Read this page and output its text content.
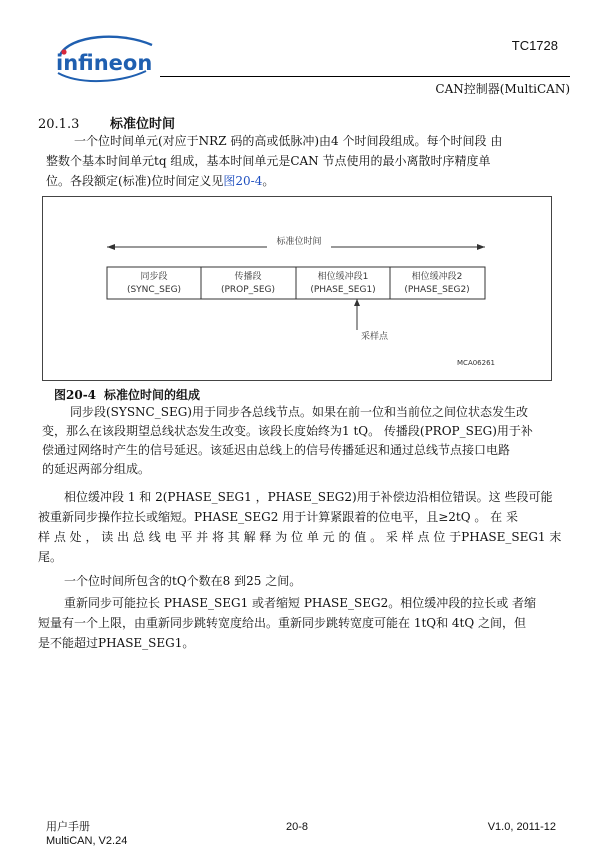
infineon
TC1728
CAN控制器(MultiCAN)
20.1.3 标准位时间
一个位时间单元(对应于NRZ 码的高或低脉冲)由4 个时间段组成。每个时间段 由
整数个基本时间单元tq 组成，基本时间单元是CAN 节点使用的最小离散时序精度单
位。各段额定(标准)位时间定义见图20-4。
标准位时间
同步段
(SYNC_SEG)
传播段
(PROP_SEG)
相位缓冲段1
(PHASE_SEG1)
相位缓冲段2
(PHASE_SEG2)
采样点
MCA06261
图20-4 标准位时间的组成
同步段(SYSNC_SEG)用于同步各总线节点。如果在前一位和当前位之间位状态发生改
变，那么在该段期望总线状态发生改变。该段长度始终为1 tQ。 传播段(PROP_SEG)用于补
偿通过网络时产生的信号延迟。该延迟由总线上的信号传播延迟和通过总线节点接口电路
的延迟两部分组成。
相位缓冲段 1 和 2(PHASE_SEG1 ，PHASE_SEG2)用于补偿边沿相位错误。这 些段可能
被重新同步操作拉长或缩短。PHASE_SEG2 用于计算紧跟着的位电平，且≥2tQ 。 在 采
样 点 处 ， 读 出 总 线 电 平 并 将 其 解 释 为 位 单 元 的 值 。 采 样 点 位 于PHASE_SEG1 末
尾。
一个位时间所包含的tQ个数在8 到25 之间。
重新同步可能拉长 PHASE_SEG1 或者缩短 PHASE_SEG2。相位缓冲段的拉长或 者缩
短量有一个上限，由重新同步跳转宽度给出。重新同步跳转宽度可能在 1tQ和 4tQ 之间，但
是不能超过PHASE_SEG1。
用户手册
MultiCAN, V2.24
20-8	V1.0, 2011-12
